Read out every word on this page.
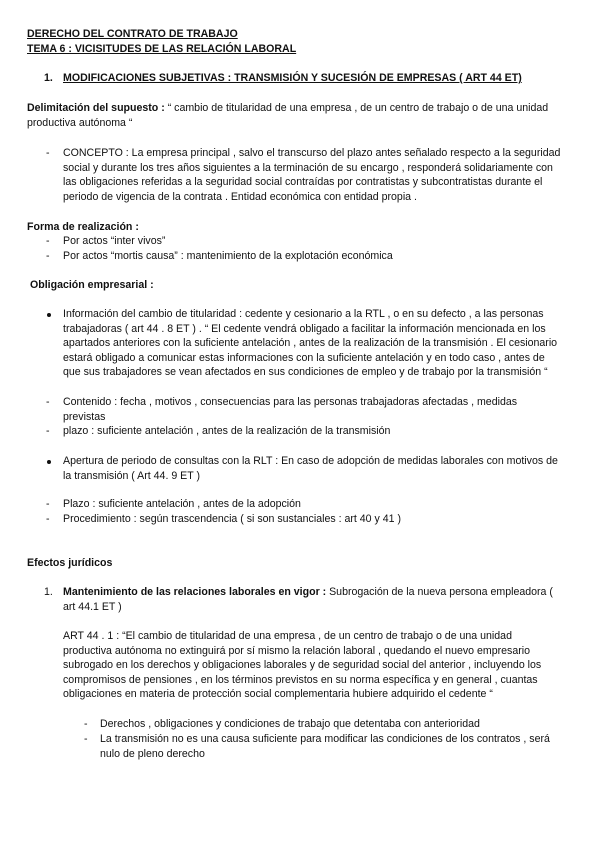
DERECHO DEL CONTRATO DE TRABAJO
TEMA 6 : VICISITUDES DE LAS RELACIÓN LABORAL
1. MODIFICACIONES SUBJETIVAS : TRANSMISIÓN Y SUCESIÓN DE EMPRESAS ( ART 44 ET)
Delimitación del supuesto : “ cambio de titularidad de una empresa , de un centro de trabajo o de una unidad
productiva autónoma “
- CONCEPTO : La empresa principal , salvo el transcurso del plazo antes señalado respecto a la seguridad
social y durante los tres años siguientes a la terminación de su encargo , responderá solidariamente con
las obligaciones referidas a la seguridad social contraídas por contratistas y subcontratistas durante el
periodo de vigencia de la contrata . Entidad económica con entidad propia .
Forma de realización :
- Por actos “inter vivos”
- Por actos “mortis causa” : mantenimiento de la explotación económica
Obligación empresarial :
Información del cambio de titularidad : cedente y cesionario a la RTL , o en su defecto , a las personas
trabajadoras ( art 44 . 8 ET ) . “ El cedente vendrá obligado a facilitar la información mencionada en los
apartados anteriores con la suficiente antelación , antes de la realización de la transmisión . El cesionario
estará obligado a comunicar estas informaciones con la suficiente antelación y en todo caso , antes de
que sus trabajadores se vean afectados en sus condiciones de empleo y de trabajo por la transmisión “
- Contenido : fecha , motivos , consecuencias para las personas trabajadoras afectadas , medidas
previstas
- plazo : suficiente antelación , antes de la realización de la transmisión
Apertura de periodo de consultas con la RLT : En caso de adopción de medidas laborales con motivos de
la transmisión ( Art 44. 9 ET )
- Plazo : suficiente antelación , antes de la adopción
- Procedimiento : según trascendencia ( si son sustanciales : art 40 y 41 )
Efectos jurídicos
1. Mantenimiento de las relaciones laborales en vigor : Subrogación de la nueva persona empleadora (
art 44.1 ET )
ART 44 . 1 : “El cambio de titularidad de una empresa , de un centro de trabajo o de una unidad
productiva autónoma no extinguirá por sí mismo la relación laboral , quedando el nuevo empresario
subrogado en los derechos y obligaciones laborales y de seguridad social del anterior , incluyendo los
compromisos de pensiones , en los términos previstos en su norma específica y en general , cuantas
obligaciones en materia de protección social complementaria hubiere adquirido el cedente “
- Derechos , obligaciones y condiciones de trabajo que detentaba con anterioridad
- La transmisión no es una causa suficiente para modificar las condiciones de los contratos , será
nulo de pleno derecho
